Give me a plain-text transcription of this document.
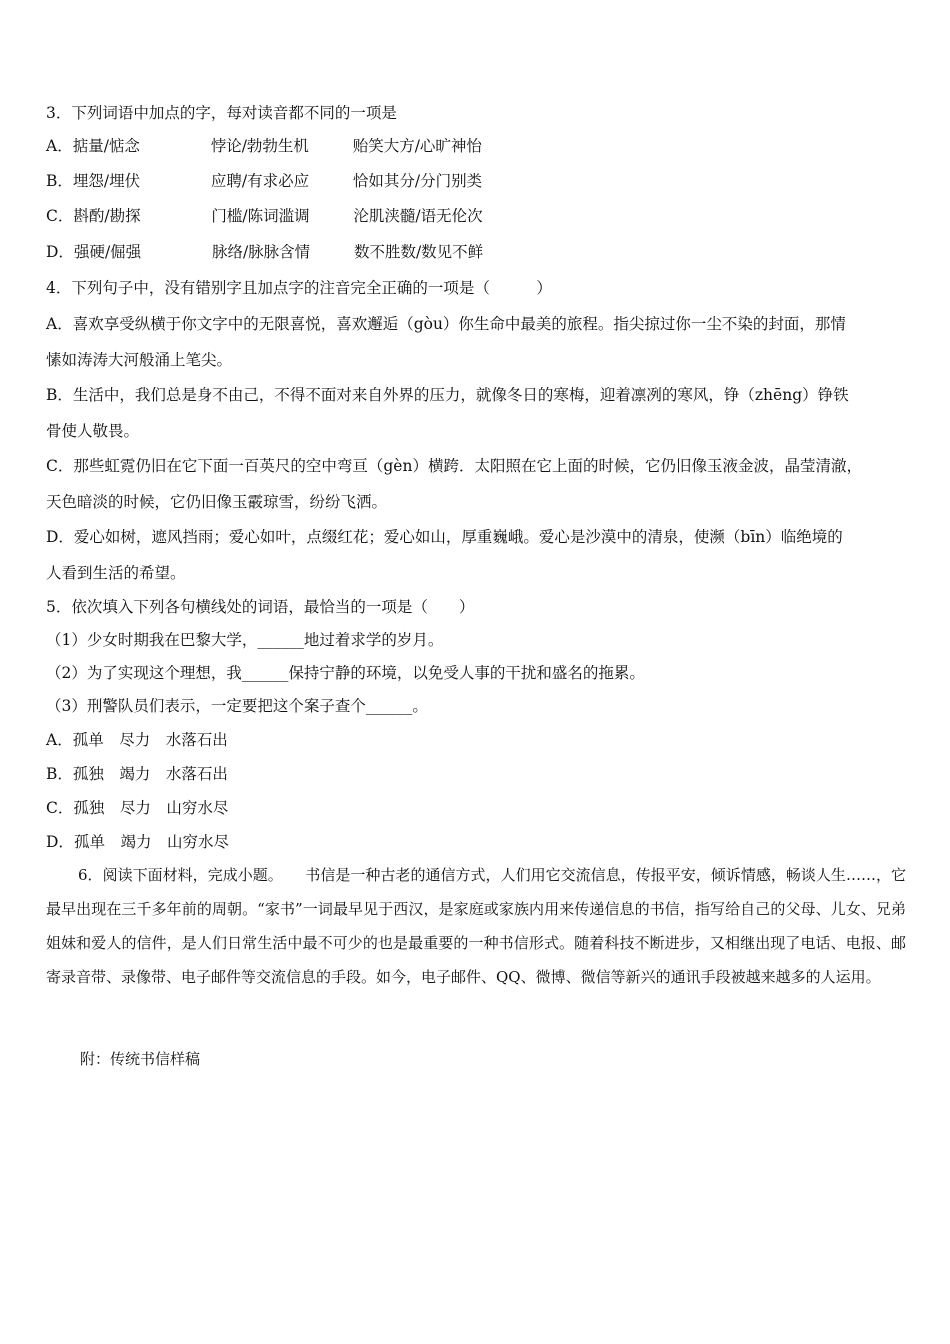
3．下列词语中加点的字，每对读音都不同的一项是
A．掂量/惦念	悖论/勃勃生机	贻笑大方/心旷神怡
B．埋怨/埋伏	应聘/有求必应	恰如其分/分门别类
C．斟酌/勘探	门槛/陈词滥调	沦肌浃髓/语无伦次
D．强硬/倔强	脉络/脉脉含情	数不胜数/数见不鲜
4．下列句子中，没有错别字且加点字的注音完全正确的一项是（　　　）
A．喜欢享受纵横于你文字中的无限喜悦，喜欢邂逅（gòu）你生命中最美的旅程。指尖掠过你一尘不染的封面，那情
愫如涛涛大河般涌上笔尖。
B．生活中，我们总是身不由己，不得不面对来自外界的压力，就像冬日的寒梅，迎着凛冽的寒风，铮（zhēng）铮铁
骨使人敬畏。
C．那些虹霓仍旧在它下面一百英尺的空中弯亘（gèn）横跨．太阳照在它上面的时候，它仍旧像玉液金波，晶莹清澈，
天色暗淡的时候，它仍旧像玉霰琼雪，纷纷飞洒。
D．爱心如树，遮风挡雨；爱心如叶，点缀红花；爱心如山，厚重巍峨。爱心是沙漠中的清泉，使濒（bīn）临绝境的
人看到生活的希望。
5．依次填入下列各句横线处的词语，最恰当的一项是（　　）
（1）少女时期我在巴黎大学，______地过着求学的岁月。
（2）为了实现这个理想，我______保持宁静的环境，以免受人事的干扰和盛名的拖累。
（3）刑警队员们表示，一定要把这个案子查个______。
A．孤单　尽力　水落石出
B．孤独　竭力　水落石出
C．孤独　尽力　山穷水尽
D．孤单　竭力　山穷水尽
6．阅读下面材料，完成小题。　　书信是一种古老的通信方式，人们用它交流信息，传报平安，倾诉情感，畅谈人生……，它最早出现在三千多年前的周朝。“家书”一词最早见于西汉，是家庭或家族内用来传递信息的书信，指写给自己的父母、儿女、兄弟姐妹和爱人的信件，是人们日常生活中最不可少的也是最重要的一种书信形式。随着科技不断进步，又相继出现了电话、电报、邮寄录音带、录像带、电子邮件等交流信息的手段。如今，电子邮件、QQ、微博、微信等新兴的通讯手段被越来越多的人运用。
附：传统书信样稿
